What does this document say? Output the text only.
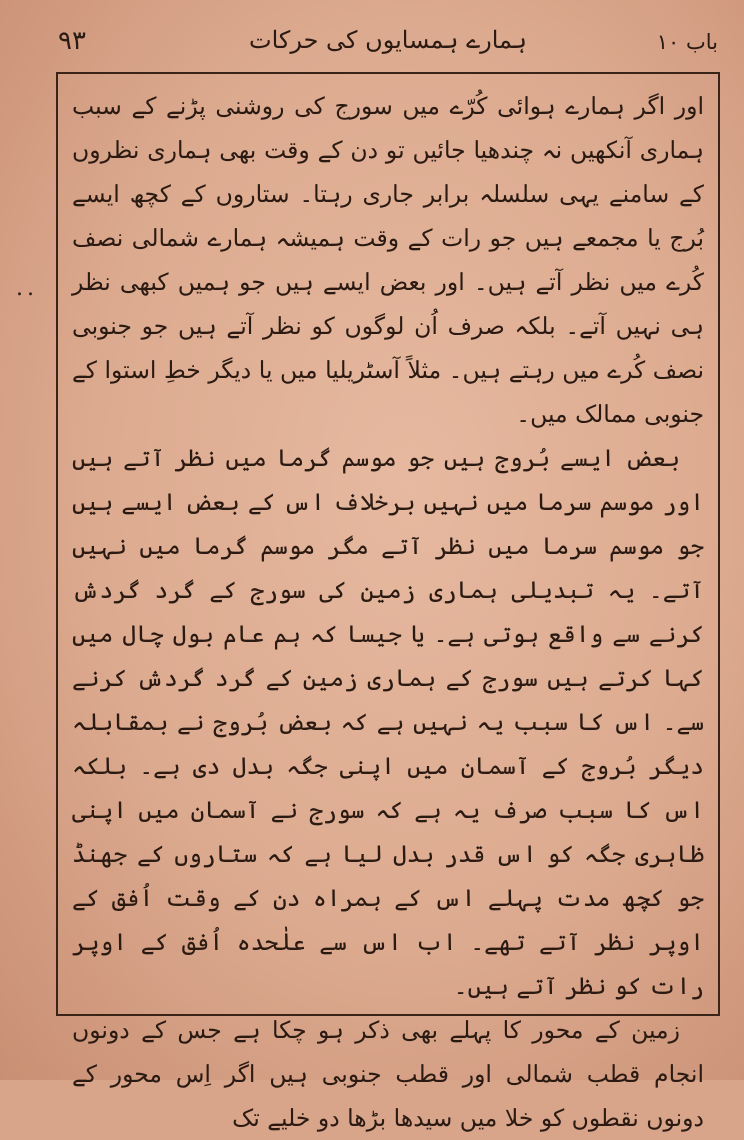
باب ۱۰
ہمارے ہمسایوں کی حرکات
۹۳
..

اور اگر ہمارے ہوائی کُرّے میں سورج کی روشنی پڑنے کے سبب ہماری آنکھیں نہ چندھیا جائیں تو دن کے وقت بھی ہماری نظروں کے سامنے یہی سلسلہ برابر جاری رہتا۔ ستاروں کے کچھ ایسے بُرج یا مجمعے ہیں جو رات کے وقت ہمیشہ ہمارے شمالی نصف کُرے میں نظر آتے ہیں۔ اور بعض ایسے ہیں جو ہمیں کبھی نظر ہی نہیں آتے۔ بلکہ صرف اُن لوگوں کو نظر آتے ہیں جو جنوبی نصف کُرے میں رہتے ہیں۔ مثلاً آسٹریلیا میں یا دیگر خطِ استوا کے جنوبی ممالک میں۔

بعض ایسے بُروج ہیں جو موسم گرما میں نظر آتے ہیں اور موسم سرما میں نہیں برخلاف اس کے بعض ایسے ہیں جو موسم سرما میں نظر آتے مگر موسم گرما میں نہیں آتے۔ یہ تبدیلی ہماری زمین کی سورج کے گرد گردش کرنے سے واقع ہوتی ہے۔ یا جیسا کہ ہم عام بول چال میں کہا کرتے ہیں سورج کے ہماری زمین کے گرد گردش کرنے سے۔ اس کا سبب یہ نہیں ہے کہ بعض بُروج نے بمقابلہ دیگر بُروج کے آسمان میں اپنی جگہ بدل دی ہے۔ بلکہ اس کا سبب صرف یہ ہے کہ سورج نے آسمان میں اپنی ظاہری جگہ کو اس قدر بدل لیا ہے کہ ستاروں کے جھنڈ جو کچھ مدت پہلے اس کے ہمراہ دن کے وقت اُفق کے اوپر نظر آتے تھے۔ اب اس سے علٰحدہ اُفق کے اوپر رات کو نظر آتے ہیں۔

زمین کے محور کا پہلے بھی ذکر ہو چکا ہے جس کے دونوں انجام قطب شمالی اور قطب جنوبی ہیں اگر اِس محور کے دونوں نقطوں کو خلا میں سیدھا بڑھا دو خلیے تک
